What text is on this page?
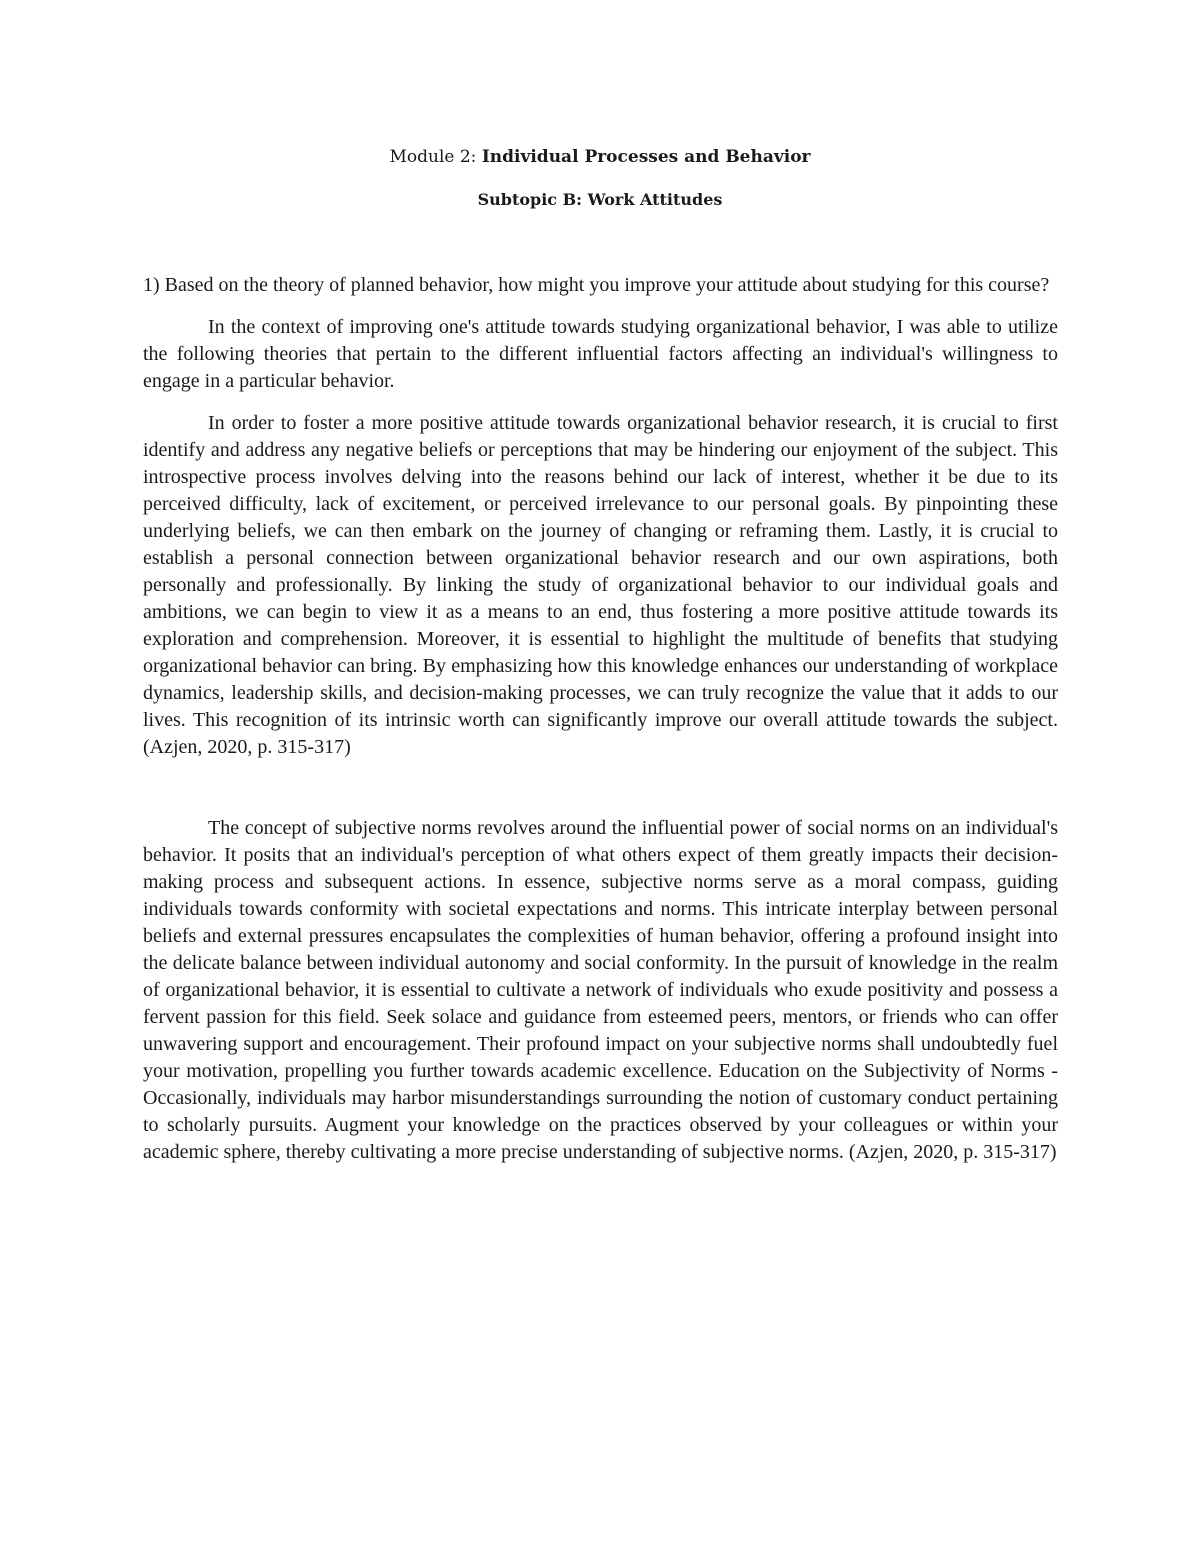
Module 2: Individual Processes and Behavior
Subtopic B: Work Attitudes

1) Based on the theory of planned behavior, how might you improve your attitude about studying for this course?

In the context of improving one's attitude towards studying organizational behavior, I was able to utilize the following theories that pertain to the different influential factors affecting an individual's willingness to engage in a particular behavior.

In order to foster a more positive attitude towards organizational behavior research, it is crucial to first identify and address any negative beliefs or perceptions that may be hindering our enjoyment of the subject. This introspective process involves delving into the reasons behind our lack of interest, whether it be due to its perceived difficulty, lack of excitement, or perceived irrelevance to our personal goals. By pinpointing these underlying beliefs, we can then embark on the journey of changing or reframing them. Lastly, it is crucial to establish a personal connection between organizational behavior research and our own aspirations, both personally and professionally. By linking the study of organizational behavior to our individual goals and ambitions, we can begin to view it as a means to an end, thus fostering a more positive attitude towards its exploration and comprehension. Moreover, it is essential to highlight the multitude of benefits that studying organizational behavior can bring. By emphasizing how this knowledge enhances our understanding of workplace dynamics, leadership skills, and decision-making processes, we can truly recognize the value that it adds to our lives. This recognition of its intrinsic worth can significantly improve our overall attitude towards the subject. (Azjen, 2020, p. 315-317)

The concept of subjective norms revolves around the influential power of social norms on an individual's behavior. It posits that an individual's perception of what others expect of them greatly impacts their decision-making process and subsequent actions. In essence, subjective norms serve as a moral compass, guiding individuals towards conformity with societal expectations and norms. This intricate interplay between personal beliefs and external pressures encapsulates the complexities of human behavior, offering a profound insight into the delicate balance between individual autonomy and social conformity. In the pursuit of knowledge in the realm of organizational behavior, it is essential to cultivate a network of individuals who exude positivity and possess a fervent passion for this field. Seek solace and guidance from esteemed peers, mentors, or friends who can offer unwavering support and encouragement. Their profound impact on your subjective norms shall undoubtedly fuel your motivation, propelling you further towards academic excellence. Education on the Subjectivity of Norms - Occasionally, individuals may harbor misunderstandings surrounding the notion of customary conduct pertaining to scholarly pursuits. Augment your knowledge on the practices observed by your colleagues or within your academic sphere, thereby cultivating a more precise understanding of subjective norms. (Azjen, 2020, p. 315-317)
